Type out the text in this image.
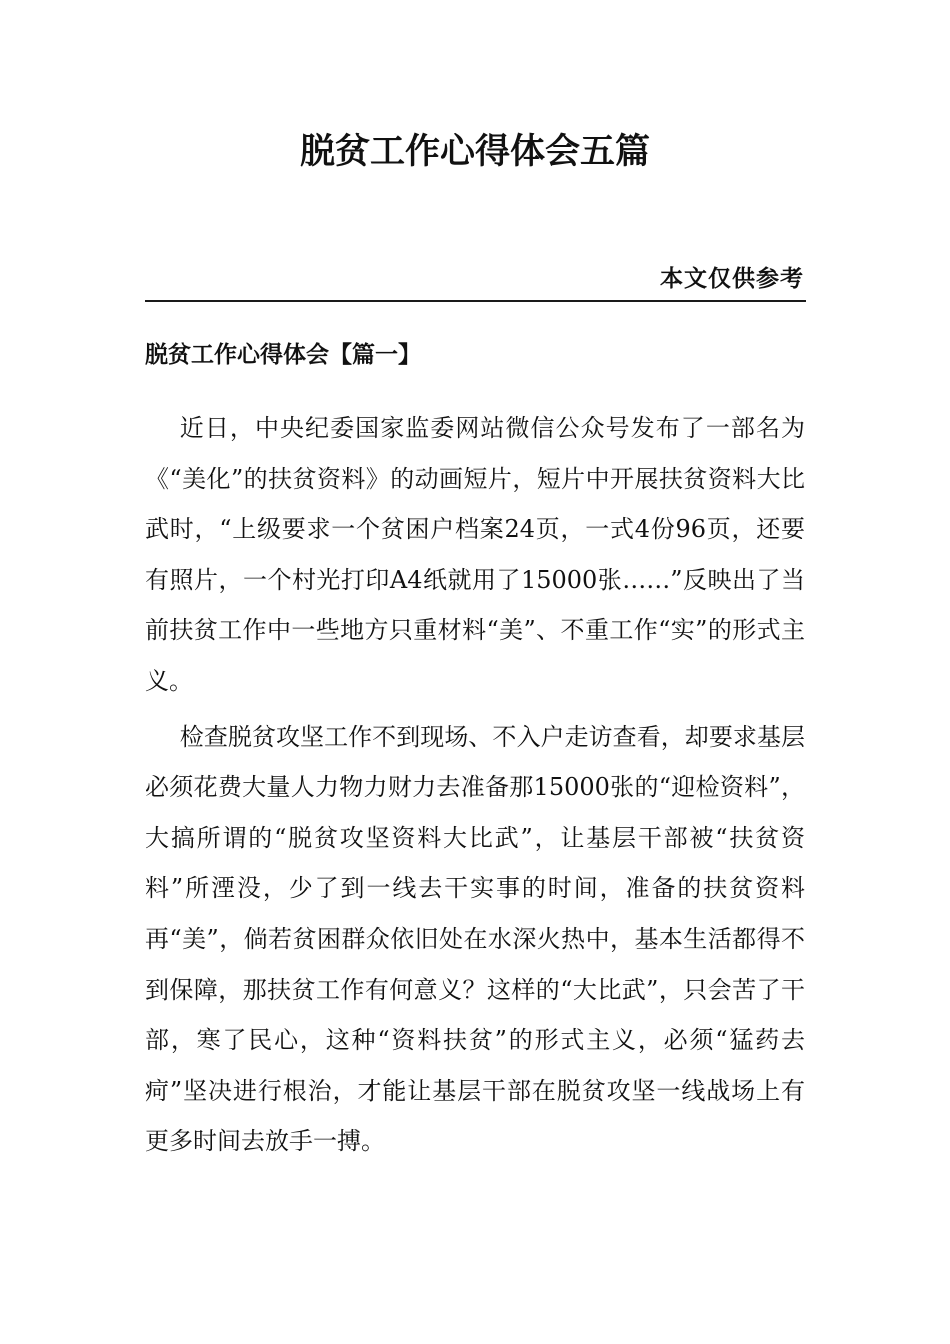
脱贫工作心得体会五篇
本文仅供参考
脱贫工作心得体会【篇一】

近日，中央纪委国家监委网站微信公众号发布了一部名为《“美化”的扶贫资料》的动画短片，短片中开展扶贫资料大比武时，“上级要求一个贫困户档案24页，一式4份96页，还要有照片，一个村光打印A4纸就用了15000张……”反映出了当前扶贫工作中一些地方只重材料“美”、不重工作“实”的形式主义。

检查脱贫攻坚工作不到现场、不入户走访查看，却要求基层必须花费大量人力物力财力去准备那15000张的“迎检资料”，大搞所谓的“脱贫攻坚资料大比武”，让基层干部被“扶贫资料”所湮没，少了到一线去干实事的时间，准备的扶贫资料再“美”，倘若贫困群众依旧处在水深火热中，基本生活都得不到保障，那扶贫工作有何意义？这样的“大比武”，只会苦了干部，寒了民心，这种“资料扶贫”的形式主义，必须“猛药去疴”坚决进行根治，才能让基层干部在脱贫攻坚一线战场上有更多时间去放手一搏。
